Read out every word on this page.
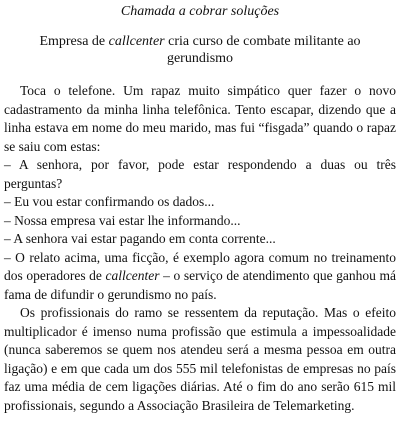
Chamada a cobrar soluções

Empresa de callcenter cria curso de combate militante ao gerundismo

Toca o telefone. Um rapaz muito simpático quer fazer o novo cadastramento da minha linha telefônica. Tento escapar, dizendo que a linha estava em nome do meu marido, mas fui “fisgada” quando o rapaz se saiu com estas:

– A senhora, por favor, pode estar respondendo a duas ou três perguntas?

– Eu vou estar confirmando os dados...

– Nossa empresa vai estar lhe informando...

– A senhora vai estar pagando em conta corrente...

– O relato acima, uma ficção, é exemplo agora comum no treinamento dos operadores de callcenter – o serviço de atendimento que ganhou má fama de difundir o gerundismo no país.

Os profissionais do ramo se ressentem da reputação. Mas o efeito multiplicador é imenso numa profissão que estimula a impessoalidade (nunca saberemos se quem nos atendeu será a mesma pessoa em outra ligação) e em que cada um dos 555 mil telefonistas de empresas no país faz uma média de cem ligações diárias. Até o fim do ano serão 615 mil profissionais, segundo a Associação Brasileira de Telemarketing.
